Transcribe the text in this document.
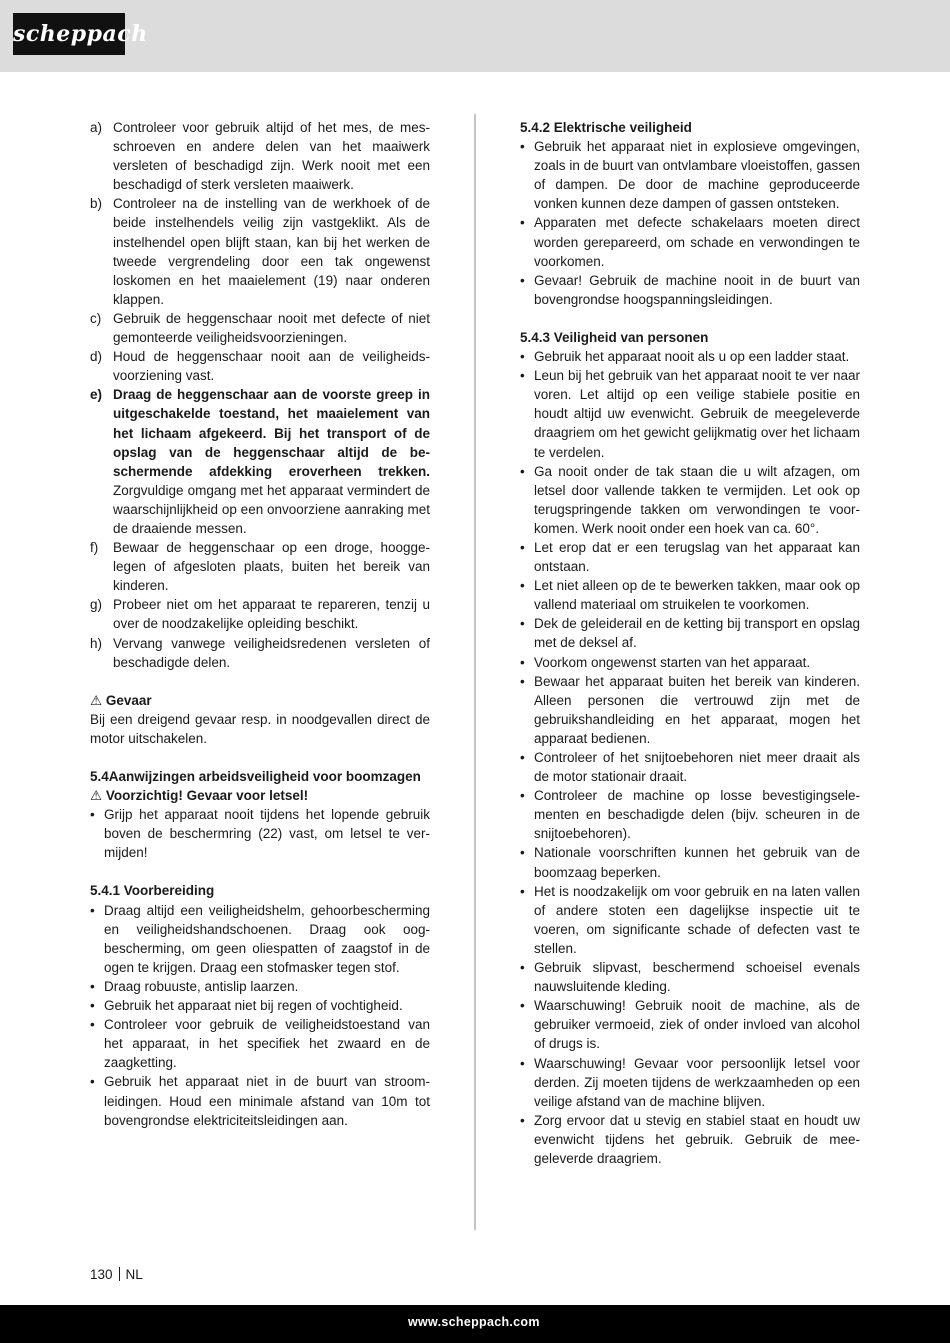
scheppach
a) Controleer voor gebruik altijd of het mes, de messchroeven en andere delen van het maaiwerk versleten of beschadigd zijn. Werk nooit met een beschadigd of sterk versleten maaiwerk.
b) Controleer na de instelling van de werkhoek of de beide instelhendels veilig zijn vastgeklikt. Als de instelhendel open blijft staan, kan bij het werken de tweede vergrendeling door een tak ongewenst loskomen en het maaielement (19) naar onderen klappen.
c) Gebruik de heggenschaar nooit met defecte of niet gemonteerde veiligheidsvoorzieningen.
d) Houd de heggenschaar nooit aan de veiligheidsvoorziening vast.
e) Draag de heggenschaar aan de voorste greep in uitgeschakelde toestand, het maaielement van het lichaam afgekeerd. Bij het transport of de opslag van de heggenschaar altijd de beschermende afdekking eroverheen trekken. Zorgvuldige omgang met het apparaat vermindert de waarschijnlijkheid op een onvoorziene aanraking met de draaiende messen.
f)	Bewaar de heggenschaar op een droge, hooggelegen of afgesloten plaats, buiten het bereik van kinderen.
g) Probeer niet om het apparaat te repareren, tenzij u over de noodzakelijke opleiding beschikt.
h) Vervang vanwege veiligheidsredenen versleten of beschadigde delen.

⚠ Gevaar

Bij een dreigend gevaar resp. in noodgevallen direct de motor uitschakelen.

5.4 Aanwijzingen arbeidsveiligheid voor boomzagen

⚠ Voorzichtig! Gevaar voor letsel!

• Grijp het apparaat nooit tijdens het lopende gebruik boven de beschermring (22) vast, om letsel te vermijden!

5.4.1 Voorbereiding

• Draag altijd een veiligheidshelm, gehoorbescherming en veiligheidshandschoenen. Draag ook oogbescherming, om geen oliespatten of zaagstof in de ogen te krijgen. Draag een stofmasker tegen stof.
• Draag robuuste, antislip laarzen.
• Gebruik het apparaat niet bij regen of vochtigheid.
• Controleer voor gebruik de veiligheidstoestand van het apparaat, in het specifiek het zwaard en de zaagketting.
• Gebruik het apparaat niet in de buurt van stroomleidingen. Houd een minimale afstand van 10m tot bovengrondse elektriciteitsleidingen aan.

5.4.2 Elektrische veiligheid

• Gebruik het apparaat niet in explosieve omgevingen, zoals in de buurt van ontvlambare vloeistoffen, gassen of dampen. De door de machine geproduceerde vonken kunnen deze dampen of gassen ontsteken.
• Apparaten met defecte schakelaars moeten direct worden gerepareerd, om schade en verwondingen te voorkomen.
• Gevaar! Gebruik de machine nooit in de buurt van bovengrondse hoogspanningsleidingen.

5.4.3 Veiligheid van personen

• Gebruik het apparaat nooit als u op een ladder staat.
• Leun bij het gebruik van het apparaat nooit te ver naar voren. Let altijd op een veilige stabiele positie en houdt altijd uw evenwicht. Gebruik de meegeleverde draagriem om het gewicht gelijkmatig over het lichaam te verdelen.
• Ga nooit onder de tak staan die u wilt afzagen, om letsel door vallende takken te vermijden. Let ook op terugspringende takken om verwondingen te voorkomen. Werk nooit onder een hoek van ca. 60°.
• Let erop dat er een terugslag van het apparaat kan ontstaan.
• Let niet alleen op de te bewerken takken, maar ook op vallend materiaal om struikelen te voorkomen.
• Dek de geleiderail en de ketting bij transport en opslag met de deksel af.
• Voorkom ongewenst starten van het apparaat.
• Bewaar het apparaat buiten het bereik van kinderen. Alleen personen die vertrouwd zijn met de gebruikshandleiding en het apparaat, mogen het apparaat bedienen.
• Controleer of het snijtoebehoren niet meer draait als de motor stationair draait.
• Controleer de machine op losse bevestigingselementen en beschadigde delen (bijv. scheuren in de snijtoebehoren).
• Nationale voorschriften kunnen het gebruik van de boomzaag beperken.
• Het is noodzakelijk om voor gebruik en na laten vallen of andere stoten een dagelijkse inspectie uit te voeren, om significante schade of defecten vast te stellen.
• Gebruik slipvast, beschermend schoeisel evenals nauwsluitende kleding.
• Waarschuwing! Gebruik nooit de machine, als de gebruiker vermoeid, ziek of onder invloed van alcohol of drugs is.
• Waarschuwing! Gevaar voor persoonlijk letsel voor derden. Zij moeten tijdens de werkzaamheden op een veilige afstand van de machine blijven.
• Zorg ervoor dat u stevig en stabiel staat en houdt uw evenwicht tijdens het gebruik. Gebruik de meegeleverde draagriem.
130 NL
www.scheppach.com
